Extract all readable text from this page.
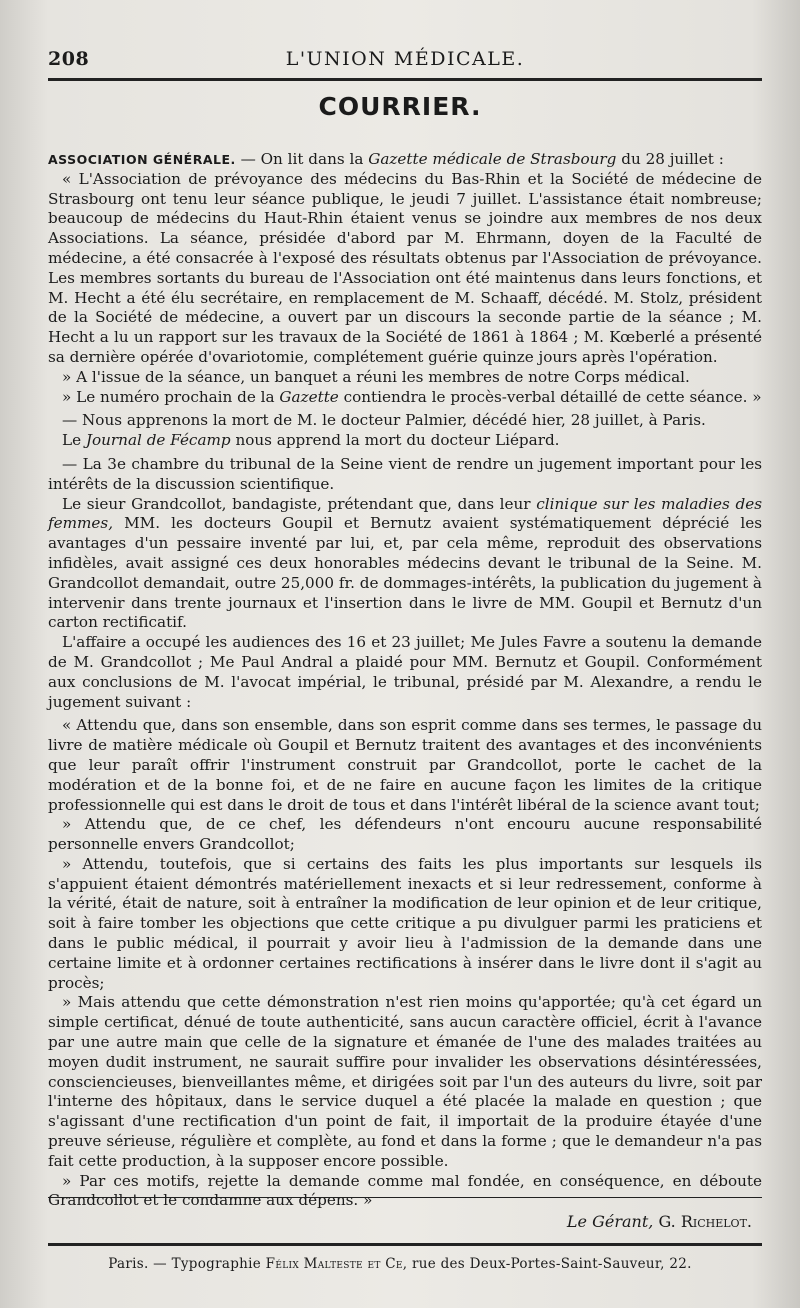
208	L'UNION MÉDICALE.
COURRIER.

ASSOCIATION GÉNÉRALE. — On lit dans la Gazette médicale de Strasbourg du 28 juillet :

« L'Association de prévoyance des médecins du Bas-Rhin et la Société de médecine de Strasbourg ont tenu leur séance publique, le jeudi 7 juillet. L'assistance était nombreuse; beaucoup de médecins du Haut-Rhin étaient venus se joindre aux membres de nos deux Associations. La séance, présidée d'abord par M. Ehrmann, doyen de la Faculté de médecine, a été consacrée à l'exposé des résultats obtenus par l'Association de prévoyance. Les membres sortants du bureau de l'Association ont été maintenus dans leurs fonctions, et M. Hecht a été élu secrétaire, en remplacement de M. Schaaff, décédé. M. Stolz, président de la Société de médecine, a ouvert par un discours la seconde partie de la séance ; M. Hecht a lu un rapport sur les travaux de la Société de 1861 à 1864 ; M. Kœberlé a présenté sa dernière opérée d'ovariotomie, complétement guérie quinze jours après l'opération.

» A l'issue de la séance, un banquet a réuni les membres de notre Corps médical.

» Le numéro prochain de la Gazette contiendra le procès-verbal détaillé de cette séance. »

— Nous apprenons la mort de M. le docteur Palmier, décédé hier, 28 juillet, à Paris.

Le Journal de Fécamp nous apprend la mort du docteur Liépard.

— La 3e chambre du tribunal de la Seine vient de rendre un jugement important pour les intérêts de la discussion scientifique.

Le sieur Grandcollot, bandagiste, prétendant que, dans leur clinique sur les maladies des femmes, MM. les docteurs Goupil et Bernutz avaient systématiquement déprécié les avantages d'un pessaire inventé par lui, et, par cela même, reproduit des observations infidèles, avait assigné ces deux honorables médecins devant le tribunal de la Seine. M. Grandcollot demandait, outre 25,000 fr. de dommages-intérêts, la publication du jugement à intervenir dans trente journaux et l'insertion dans le livre de MM. Goupil et Bernutz d'un carton rectificatif.

L'affaire a occupé les audiences des 16 et 23 juillet; Me Jules Favre a soutenu la demande de M. Grandcollot ; Me Paul Andral a plaidé pour MM. Bernutz et Goupil. Conformément aux conclusions de M. l'avocat impérial, le tribunal, présidé par M. Alexandre, a rendu le jugement suivant :

« Attendu que, dans son ensemble, dans son esprit comme dans ses termes, le passage du livre de matière médicale où Goupil et Bernutz traitent des avantages et des inconvénients que leur paraît offrir l'instrument construit par Grandcollot, porte le cachet de la modération et de la bonne foi, et de ne faire en aucune façon les limites de la critique professionnelle qui est dans le droit de tous et dans l'intérêt libéral de la science avant tout;

» Attendu que, de ce chef, les défendeurs n'ont encouru aucune responsabilité personnelle envers Grandcollot;

» Attendu, toutefois, que si certains des faits les plus importants sur lesquels ils s'appuient étaient démontrés matériellement inexacts et si leur redressement, conforme à la vérité, était de nature, soit à entraîner la modification de leur opinion et de leur critique, soit à faire tomber les objections que cette critique a pu divulguer parmi les praticiens et dans le public médical, il pourrait y avoir lieu à l'admission de la demande dans une certaine limite et à ordonner certaines rectifications à insérer dans le livre dont il s'agit au procès;

» Mais attendu que cette démonstration n'est rien moins qu'apportée; qu'à cet égard un simple certificat, dénué de toute authenticité, sans aucun caractère officiel, écrit à l'avance par une autre main que celle de la signature et émanée de l'une des malades traitées au moyen dudit instrument, ne saurait suffire pour invalider les observations désintéressées, consciencieuses, bienveillantes même, et dirigées soit par l'un des auteurs du livre, soit par l'interne des hôpitaux, dans le service duquel a été placée la malade en question ; que s'agissant d'une rectification d'un point de fait, il importait de la produire étayée d'une preuve sérieuse, régulière et complète, au fond et dans la forme ; que le demandeur n'a pas fait cette production, à la supposer encore possible.

» Par ces motifs, rejette la demande comme mal fondée, en conséquence, en déboute Grandcollot et le condamne aux dépens. »

Le Gérant, G. Richelot.
Paris. — Typographie Félix Malteste et Ce, rue des Deux-Portes-Saint-Sauveur, 22.
